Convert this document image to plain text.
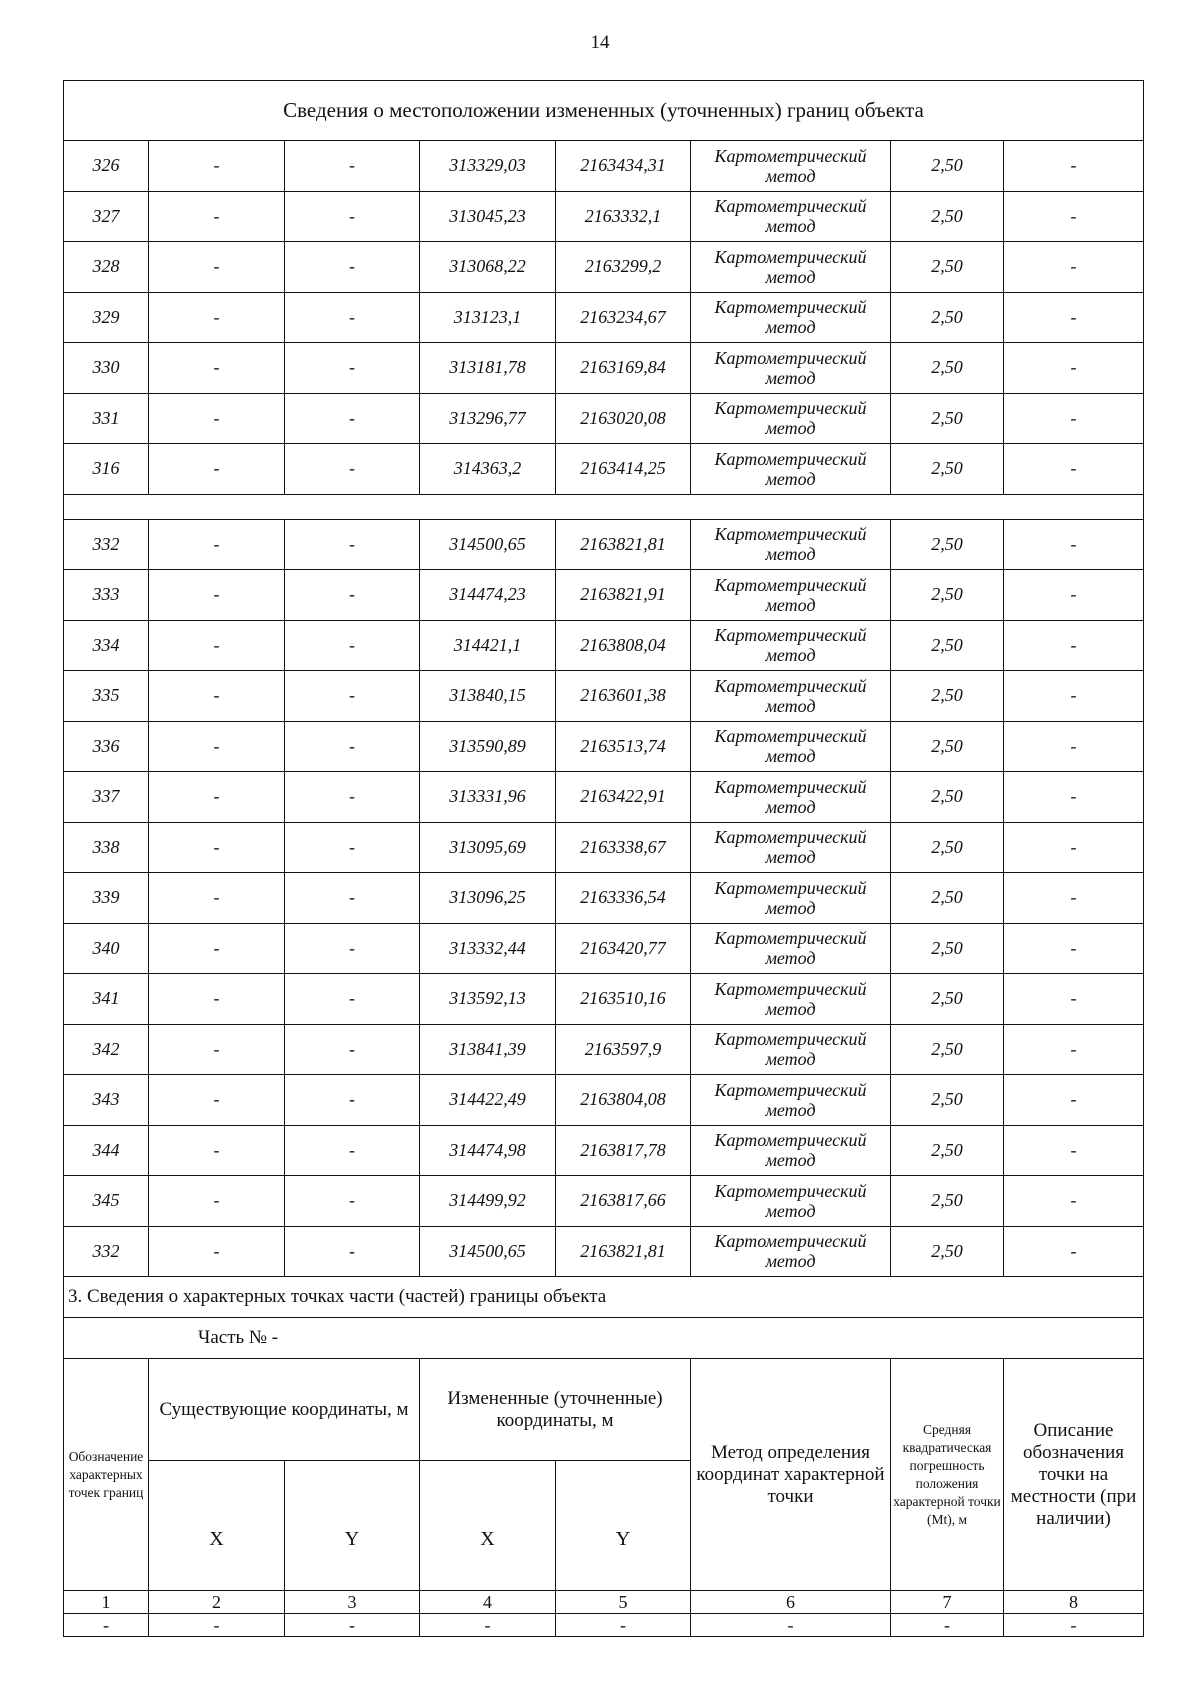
14
Сведения о местоположении измененных (уточненных) границ объекта							
326	-	-	313329,03	2163434,31	Картометрический метод	2,50	-
327	-	-	313045,23	2163332,1	Картометрический метод	2,50	-
328	-	-	313068,22	2163299,2	Картометрический метод	2,50	-
329	-	-	313123,1	2163234,67	Картометрический метод	2,50	-
330	-	-	313181,78	2163169,84	Картометрический метод	2,50	-
331	-	-	313296,77	2163020,08	Картометрический метод	2,50	-
316	-	-	314363,2	2163414,25	Картометрический метод	2,50	-

332	-	-	314500,65	2163821,81	Картометрический метод	2,50	-
333	-	-	314474,23	2163821,91	Картометрический метод	2,50	-
334	-	-	314421,1	2163808,04	Картометрический метод	2,50	-
335	-	-	313840,15	2163601,38	Картометрический метод	2,50	-
336	-	-	313590,89	2163513,74	Картометрический метод	2,50	-
337	-	-	313331,96	2163422,91	Картометрический метод	2,50	-
338	-	-	313095,69	2163338,67	Картометрический метод	2,50	-
339	-	-	313096,25	2163336,54	Картометрический метод	2,50	-
340	-	-	313332,44	2163420,77	Картометрический метод	2,50	-
341	-	-	313592,13	2163510,16	Картометрический метод	2,50	-
342	-	-	313841,39	2163597,9	Картометрический метод	2,50	-
343	-	-	314422,49	2163804,08	Картометрический метод	2,50	-
344	-	-	314474,98	2163817,78	Картометрический метод	2,50	-
345	-	-	314499,92	2163817,66	Картометрический метод	2,50	-
332	-	-	314500,65	2163821,81	Картометрический метод	2,50	-
3. Сведения о характерных точках части (частей) границы объекта							
Часть № -							
Обозначение характерных точек границ	Существующие координаты, м		Измененные (уточненные) координаты, м		Метод определения координат характерной точки	Средняя квадратическая погрешность положения характерной точки (Mt), м	Описание обозначения точки на местности (при наличии)
	X	Y	X	Y			
1	2	3	4	5	6	7	8
-	-	-	-	-	-	-	-
